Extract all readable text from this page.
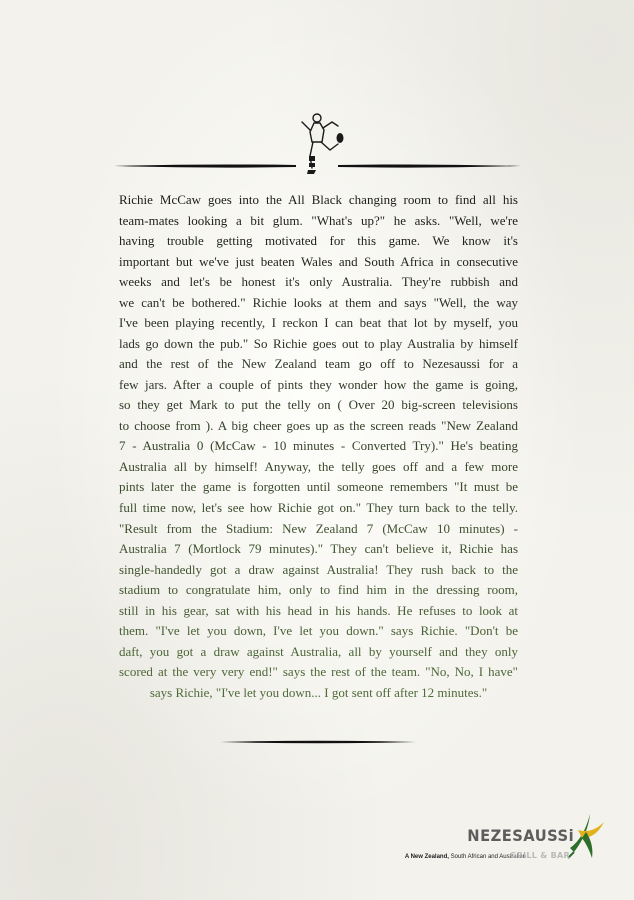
Richie McCaw goes into the All Black changing room to find all his
team-mates looking a bit glum. "What's up?" he asks. "Well, we're
having trouble getting motivated for this game. We know it's
important but we've just beaten Wales and South Africa in consecutive
weeks and let's be honest it's only Australia. They're rubbish and
we can't be bothered." Richie looks at them and says "Well, the way
I've been playing recently, I reckon I can beat that lot by myself, you
lads go down the pub." So Richie goes out to play Australia by himself
and the rest of the New Zealand team go off to Nezesaussi for a
few jars. After a couple of pints they wonder how the game is going,
so they get Mark to put the telly on ( Over 20 big-screen televisions
to choose from ). A big cheer goes up as the screen reads "New Zealand
7 - Australia 0 (McCaw - 10 minutes - Converted Try)." He's beating
Australia all by himself! Anyway, the telly goes off and a few more
pints later the game is forgotten until someone remembers "It must be
full time now, let's see how Richie got on." They turn back to the telly.
"Result from the Stadium: New Zealand 7 (McCaw 10 minutes) -
Australia 7 (Mortlock 79 minutes)." They can't believe it, Richie has
single-handedly got a draw against Australia! They rush back to the
stadium to congratulate him, only to find him in the dressing room,
still in his gear, sat with his head in his hands. He refuses to look at
them. "I've let you down, I've let you down." says Richie. "Don't be
daft, you got a draw against Australia, all by yourself and they only
scored at the very very end!" says the rest of the team. "No, No, I have"
says Richie, "I've let you down... I got sent off after 12 minutes."
NEZESAUSSi
A New Zealand, South African and Australian
GRILL & BAR
